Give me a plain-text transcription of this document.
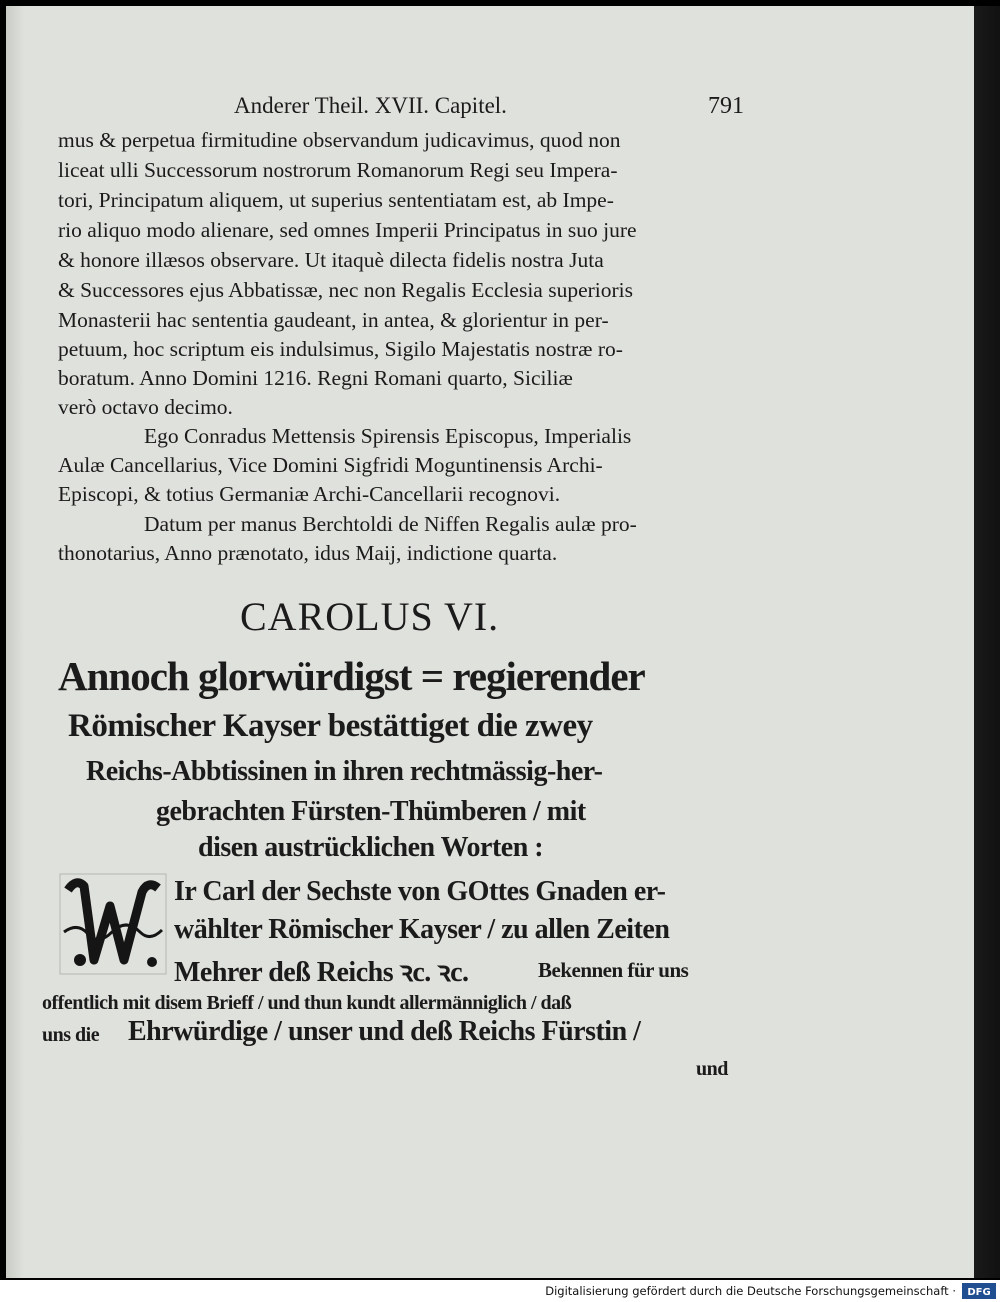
Anderer Theil. XVII. Capitel.	791
mus & perpetua firmitudine observandum judicavimus, quod non
liceat ulli Successorum nostrorum Romanorum Regi seu Impera-
tori, Principatum aliquem, ut superius sententiatam est, ab Impe-
rio aliquo modo alienare, sed omnes Imperii Principatus in suo jure
& honore illæsos observare. Ut itaquè dilecta fidelis nostra Juta
& Successores ejus Abbatissæ, nec non Regalis Ecclesia superioris
Monasterii hac sententia gaudeant, in antea, & glorientur in per-
petuum, hoc scriptum eis indulsimus, Sigilo Majestatis nostræ ro-
boratum. Anno Domini 1216. Regni Romani quarto, Siciliæ
verò octavo decimo.
Ego Conradus Mettensis Spirensis Episcopus, Imperialis
Aulæ Cancellarius, Vice Domini Sigfridi Moguntinensis Archi-
Episcopi, & totius Germaniæ Archi-Cancellarii recognovi.
Datum per manus Berchtoldi de Niffen Regalis aulæ pro-
thonotarius, Anno prænotato, idus Maij, indictione quarta.
CAROLUS VI.
Annoch glorwürdigst = regierender
Römischer Kayser bestättiget die zwey
Reichs-Abbtissinen in ihren rechtmässig-her-
gebrachten Fürsten-Thümberen / mit
disen austrücklichen Worten :
W
Ir Carl der Sechste von GOttes Gnaden er-
wählter Römischer Kayser / zu allen Zeiten
Mehrer deß Reichs ꝛc. ꝛc.	Bekennen für uns
offentlich mit disem Brieff / und thun kundt allermänniglich / daß
uns die Ehrwürdige / unser und deß Reichs Fürstin /
und
Digitalisierung gefördert durch die Deutsche Forschungsgemeinschaft · DFG
